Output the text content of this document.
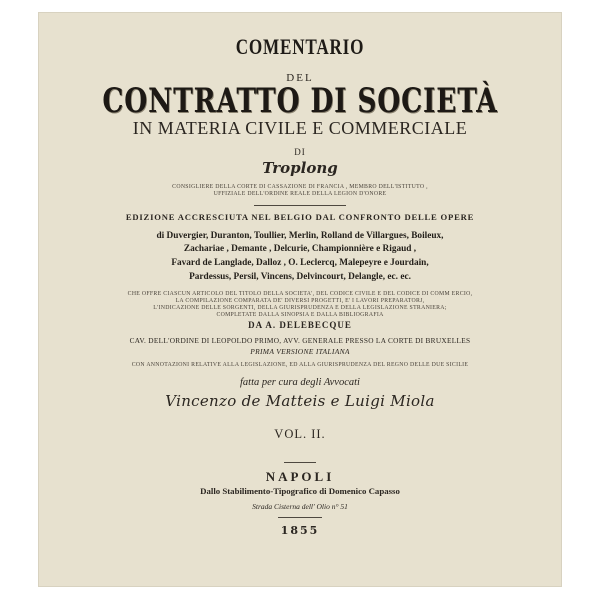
COMENTARIO
DEL
CONTRATTO DI SOCIETÀ
IN MATERIA CIVILE E COMMERCIALE
DI
Troplong
CONSIGLIERE DELLA CORTE DI CASSAZIONE DI FRANCIA , MEMBRO DELL'ISTITUTO ,
UFFIZIALE DELL'ORDINE REALE DELLA LEGION D'ONORE
EDIZIONE ACCRESCIUTA NEL BELGIO DAL CONFRONTO DELLE OPERE
di Duvergier, Duranton, Toullier, Merlin, Rolland de Villargues, Boileux,
Zachariae , Demante , Delcurie, Championnière e Rigaud ,
Favard de Langlade, Dalloz , O. Leclercq, Malepeyre e Jourdain,
Pardessus, Persil, Vincens, Delvincourt, Delangle, ec. ec.
CHE OFFRE CIASCUN ARTICOLO DEL TITOLO DELLA SOCIETA', DEL CODICE CIVILE E DEL CODICE DI COMM ERCIO,
LA COMPILAZIONE COMPARATA DE' DIVERSI PROGETTI, E' I LAVORI PREPARATORJ,
L'INDICAZIONE DELLE SORGENTI, DELLA GIURISPRUDENZA E DELLA LEGISLAZIONE STRANIERA;
COMPLETATE DALLA SINOPSIA E DALLA BIBLIOGRAFIA
DA A. DELEBECQUE
CAV. DELL'ORDINE DI LEOPOLDO PRIMO, AVV. GENERALE PRESSO LA CORTE DI BRUXELLES
PRIMA VERSIONE ITALIANA
CON ANNOTAZIONI RELATIVE ALLA LEGISLAZIONE, ED ALLA GIURISPRUDENZA DEL REGNO DELLE DUE SICILIE
fatta per cura degli Avvocati
Vincenzo de Matteis e Luigi Miola
VOL. II.
NAPOLI
Dallo Stabilimento-Tipografico di Domenico Capasso
Strada Cisterna dell' Olio n° 51
1855
